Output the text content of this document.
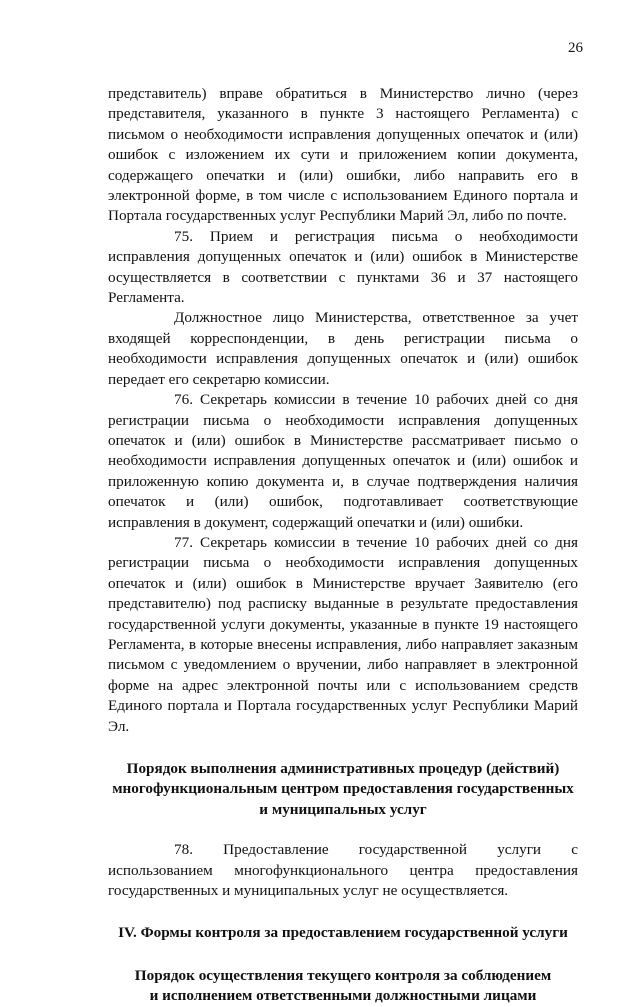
26

представитель) вправе обратиться в Министерство лично (через представителя, указанного в пункте 3 настоящего Регламента) с письмом о необходимости исправления допущенных опечаток и (или) ошибок с изложением их сути и приложением копии документа, содержащего опечатки и (или) ошибки, либо направить его в электронной форме, в том числе с использованием Единого портала и Портала государственных услуг Республики Марий Эл, либо по почте.

75. Прием и регистрация письма о необходимости исправления допущенных опечаток и (или) ошибок в Министерстве осуществляется в соответствии с пунктами 36 и 37 настоящего Регламента.

Должностное лицо Министерства, ответственное за учет входящей корреспонденции, в день регистрации письма о необходимости исправления допущенных опечаток и (или) ошибок передает его секретарю комиссии.

76. Секретарь комиссии в течение 10 рабочих дней со дня регистрации письма о необходимости исправления допущенных опечаток и (или) ошибок в Министерстве рассматривает письмо о необходимости исправления допущенных опечаток и (или) ошибок и приложенную копию документа и, в случае подтверждения наличия опечаток и (или) ошибок, подготавливает соответствующие исправления в документ, содержащий опечатки и (или) ошибки.

77. Секретарь комиссии в течение 10 рабочих дней со дня регистрации письма о необходимости исправления допущенных опечаток и (или) ошибок в Министерстве вручает Заявителю (его представителю) под расписку выданные в результате предоставления государственной услуги документы, указанные в пункте 19 настоящего Регламента, в которые внесены исправления, либо направляет заказным письмом с уведомлением о вручении, либо направляет в электронной форме на адрес электронной почты или с использованием средств Единого портала и Портала государственных услуг Республики Марий Эл.

Порядок выполнения административных процедур (действий)
многофункциональным центром предоставления государственных
и муниципальных услуг

78. Предоставление государственной услуги с использованием многофункционального центра предоставления государственных и муниципальных услуг не осуществляется.

IV. Формы контроля за предоставлением государственной услуги
Порядок осуществления текущего контроля за соблюдением
и исполнением ответственными должностными лицами
